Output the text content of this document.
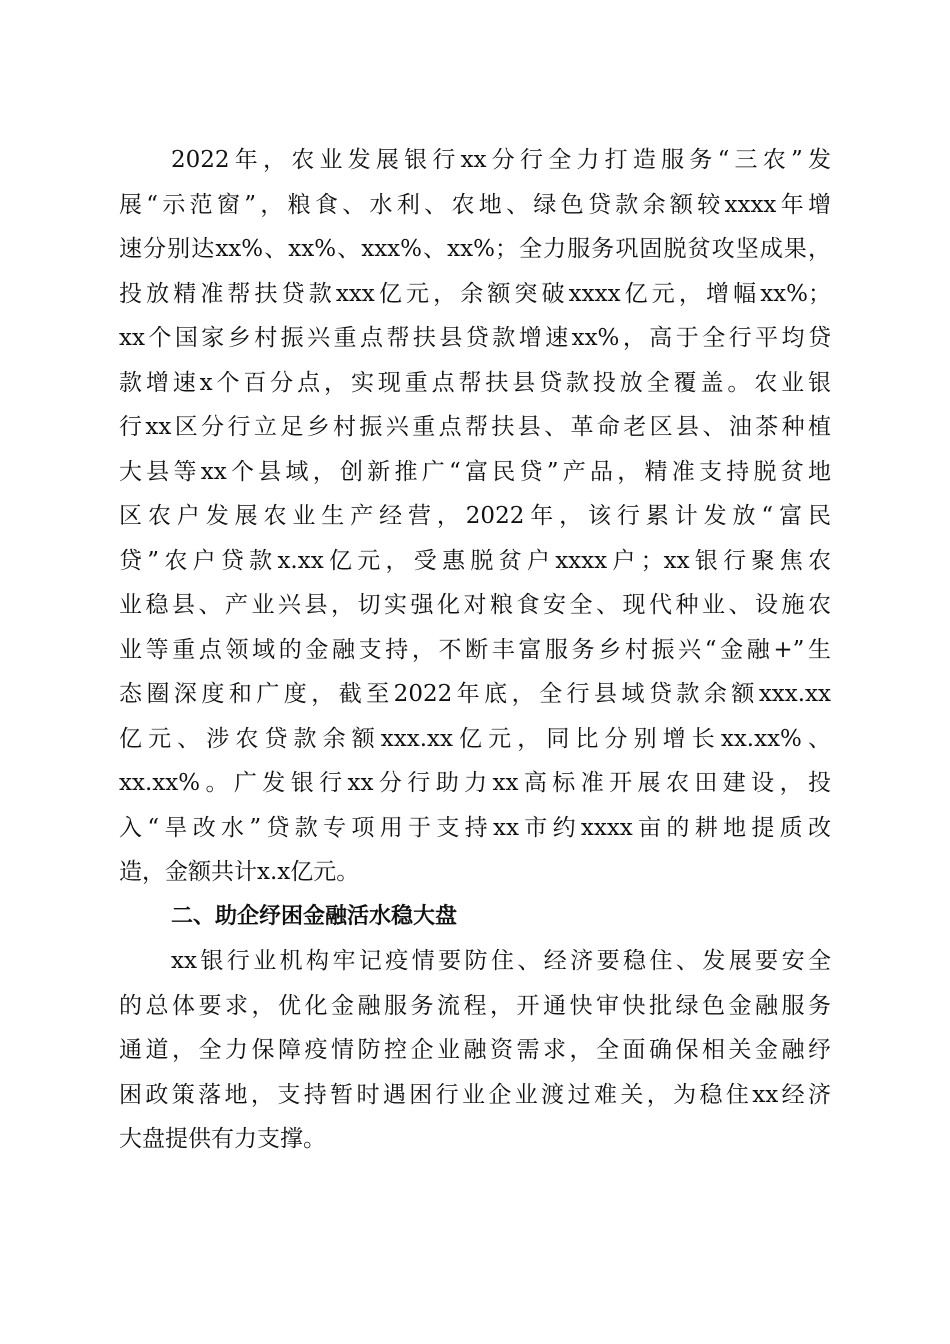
2022年，农业发展银行xx分行全力打造服务“三农”发
展“示范窗”，粮食、水利、农地、绿色贷款余额较xxxx年增
速分别达xx%、xx%、xxx%、xx%；全力服务巩固脱贫攻坚成果，
投放精准帮扶贷款xxx亿元，余额突破xxxx亿元，增幅xx%；
xx个国家乡村振兴重点帮扶县贷款增速xx%，高于全行平均贷
款增速x个百分点，实现重点帮扶县贷款投放全覆盖。农业银
行xx区分行立足乡村振兴重点帮扶县、革命老区县、油茶种植
大县等xx个县域，创新推广“富民贷”产品，精准支持脱贫地
区农户发展农业生产经营，2022年，该行累计发放“富民
贷”农户贷款x.xx亿元，受惠脱贫户xxxx户；xx银行聚焦农
业稳县、产业兴县，切实强化对粮食安全、现代种业、设施农
业等重点领域的金融支持，不断丰富服务乡村振兴“金融+”生
态圈深度和广度，截至2022年底，全行县域贷款余额xxx.xx
亿元、涉农贷款余额xxx.xx亿元，同比分别增长xx.xx%、
xx.xx%。广发银行xx分行助力xx高标准开展农田建设，投
入“旱改水”贷款专项用于支持xx市约xxxx亩的耕地提质改
造，金额共计x.x亿元。
二、助企纾困金融活水稳大盘
xx银行业机构牢记疫情要防住、经济要稳住、发展要安全
的总体要求，优化金融服务流程，开通快审快批绿色金融服务
通道，全力保障疫情防控企业融资需求，全面确保相关金融纾
困政策落地，支持暂时遇困行业企业渡过难关，为稳住xx经济
大盘提供有力支撑。
